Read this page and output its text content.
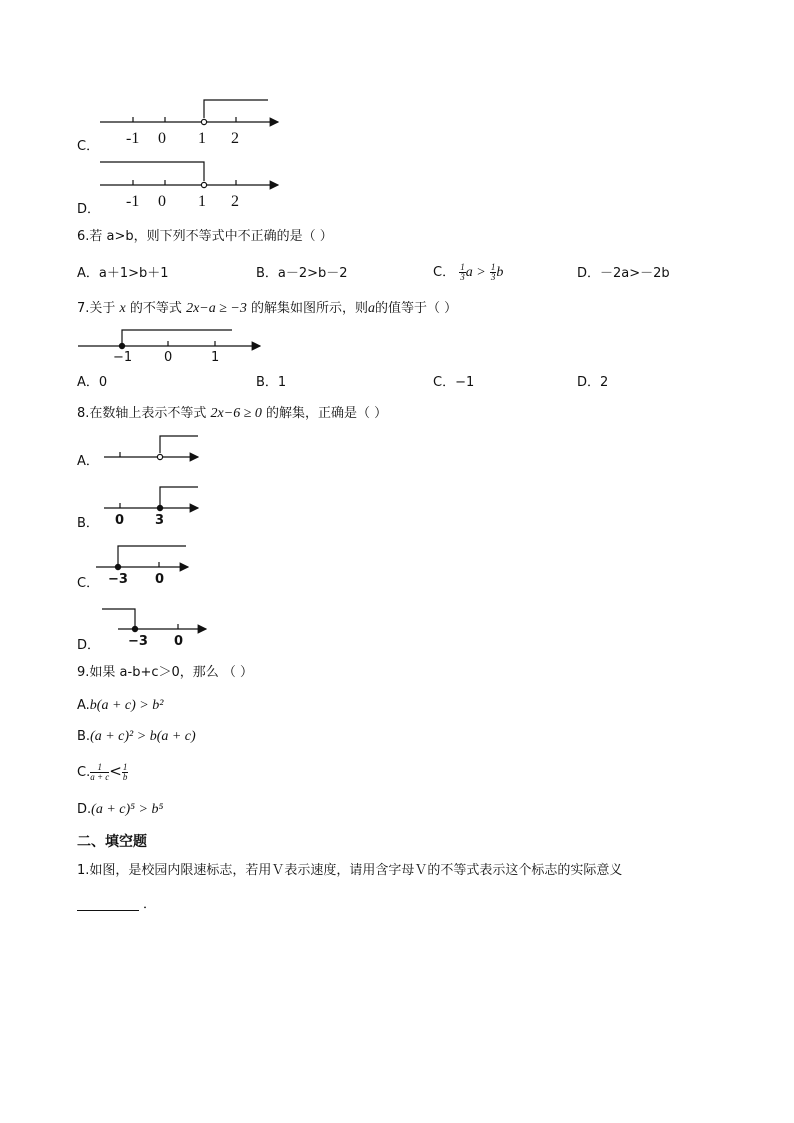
C． -1 0 1 2
D． -1 0 1 2
6.若 a>b，则下列不等式中不正确的是（ ）
A．a＋1>b＋1	B．a－2>b－2	C． $\frac{1}{3}$ $a > \frac{1}{3}$ b	D．－2a>－2b
7.关于 x 的不等式 2x−a ≥ −3 的解集如图所示，则a的值等于（ ）
−1 0	1
A．0	B．1	C．−1	D．2
8.在数轴上表示不等式 2x−6 ≥ 0 的解集，正确是（ ）
A．
B． 0 3
C． −3 0
D． −3 0
9.如果 a-b+c＞0，那么 （ ）
A.b(a + c) > b²
B.(a + c)² > b(a + c)
C. $\frac{1}{a + c} < \frac{1}{b}$
D.(a + c)⁵ > b⁵
二、填空题
1.如图，是校园内限速标志，若用Ｖ表示速度，请用含字母Ｖ的不等式表示这个标志的实际意义
．
